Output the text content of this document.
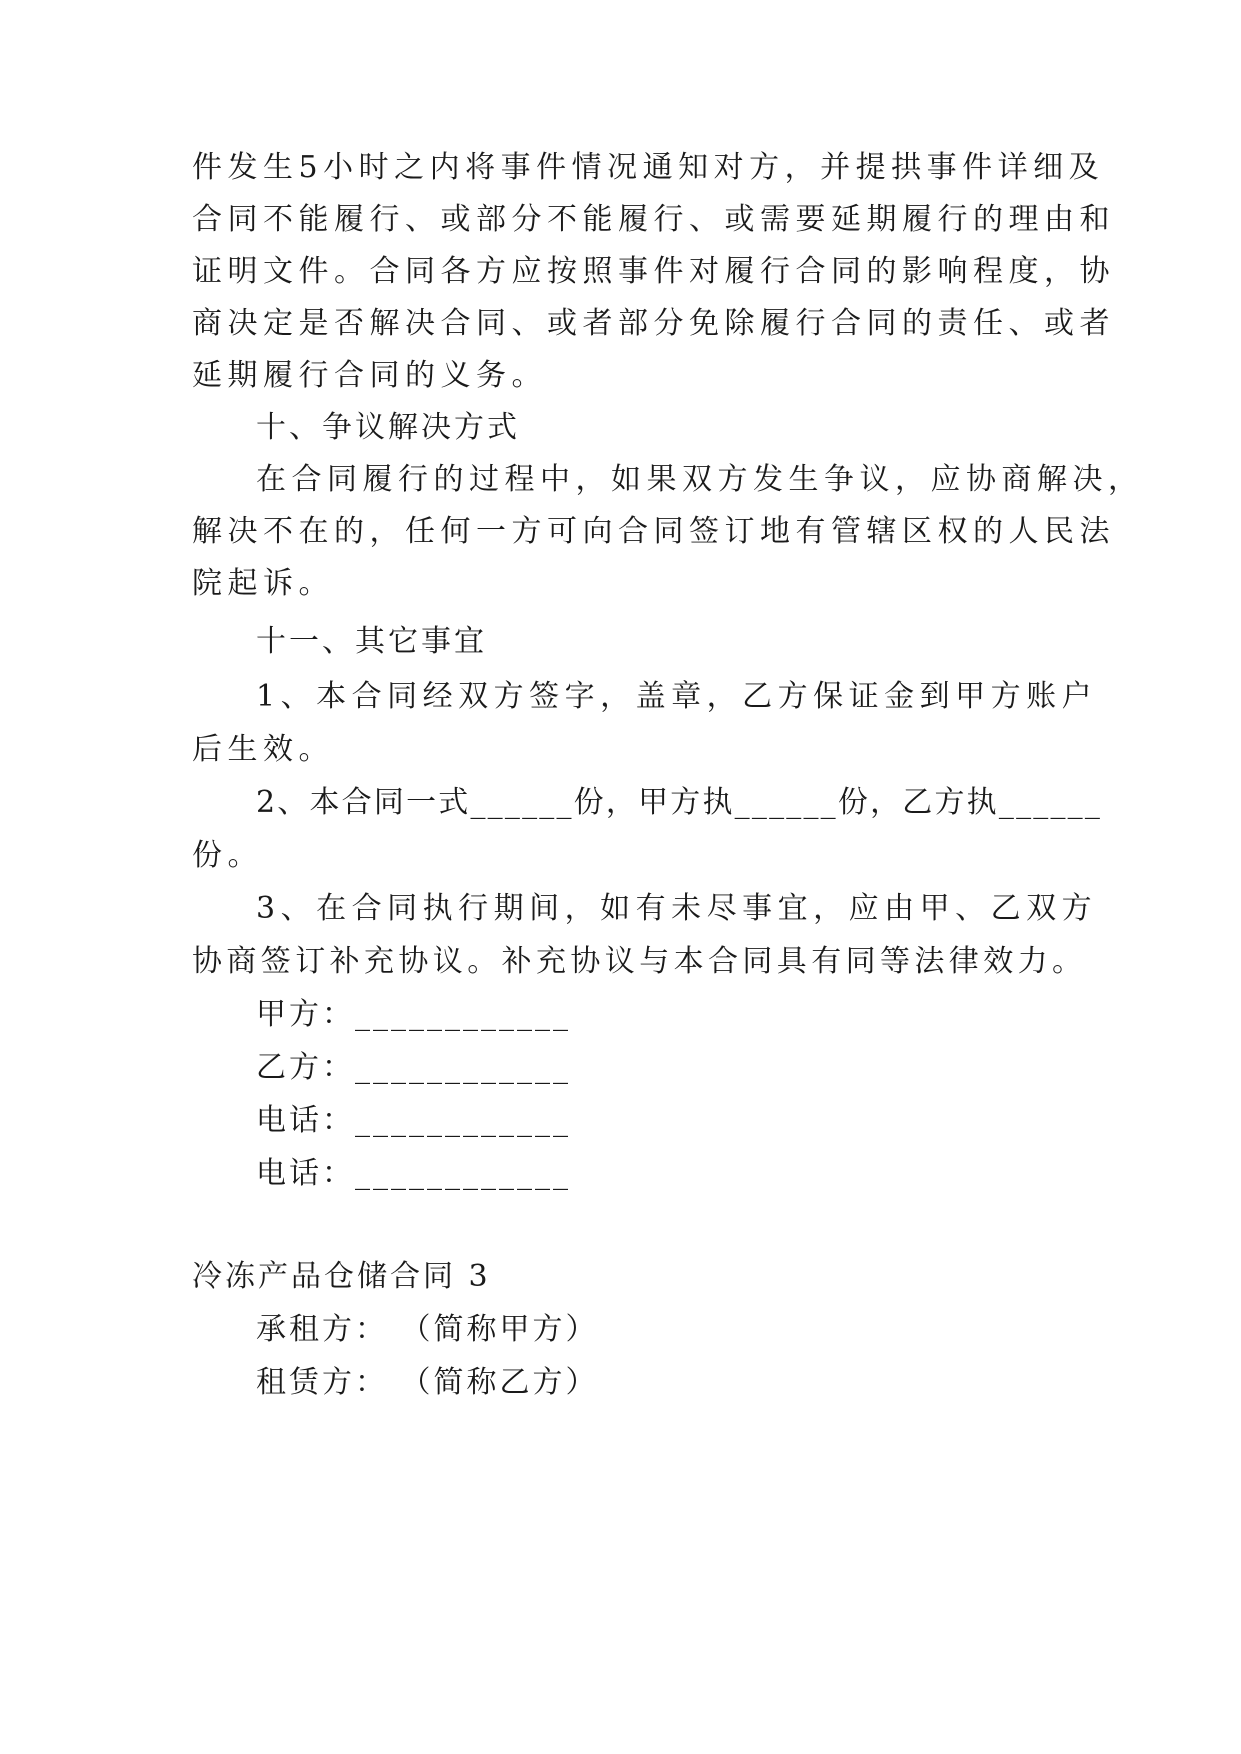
件发生5小时之内将事件情况通知对方，并提拱事件详细及

合同不能履行、或部分不能履行、或需要延期履行的理由和

证明文件。合同各方应按照事件对履行合同的影响程度，协

商决定是否解决合同、或者部分免除履行合同的责任、或者

延期履行合同的义务。

十、争议解决方式

在合同履行的过程中，如果双方发生争议，应协商解决，

解决不在的，任何一方可向合同签订地有管辖区权的人民法

院起诉。

十一、其它事宜

1、本合同经双方签字，盖章，乙方保证金到甲方账户

后生效。

2、本合同一式______份，甲方执______份，乙方执______

份。

3、在合同执行期间，如有未尽事宜，应由甲、乙双方

协商签订补充协议。补充协议与本合同具有同等法律效力。

甲方：____________

乙方：____________

电话：____________

电话：____________

冷冻产品仓储合同 3

承租方： （简称甲方）

租赁方： （简称乙方）
